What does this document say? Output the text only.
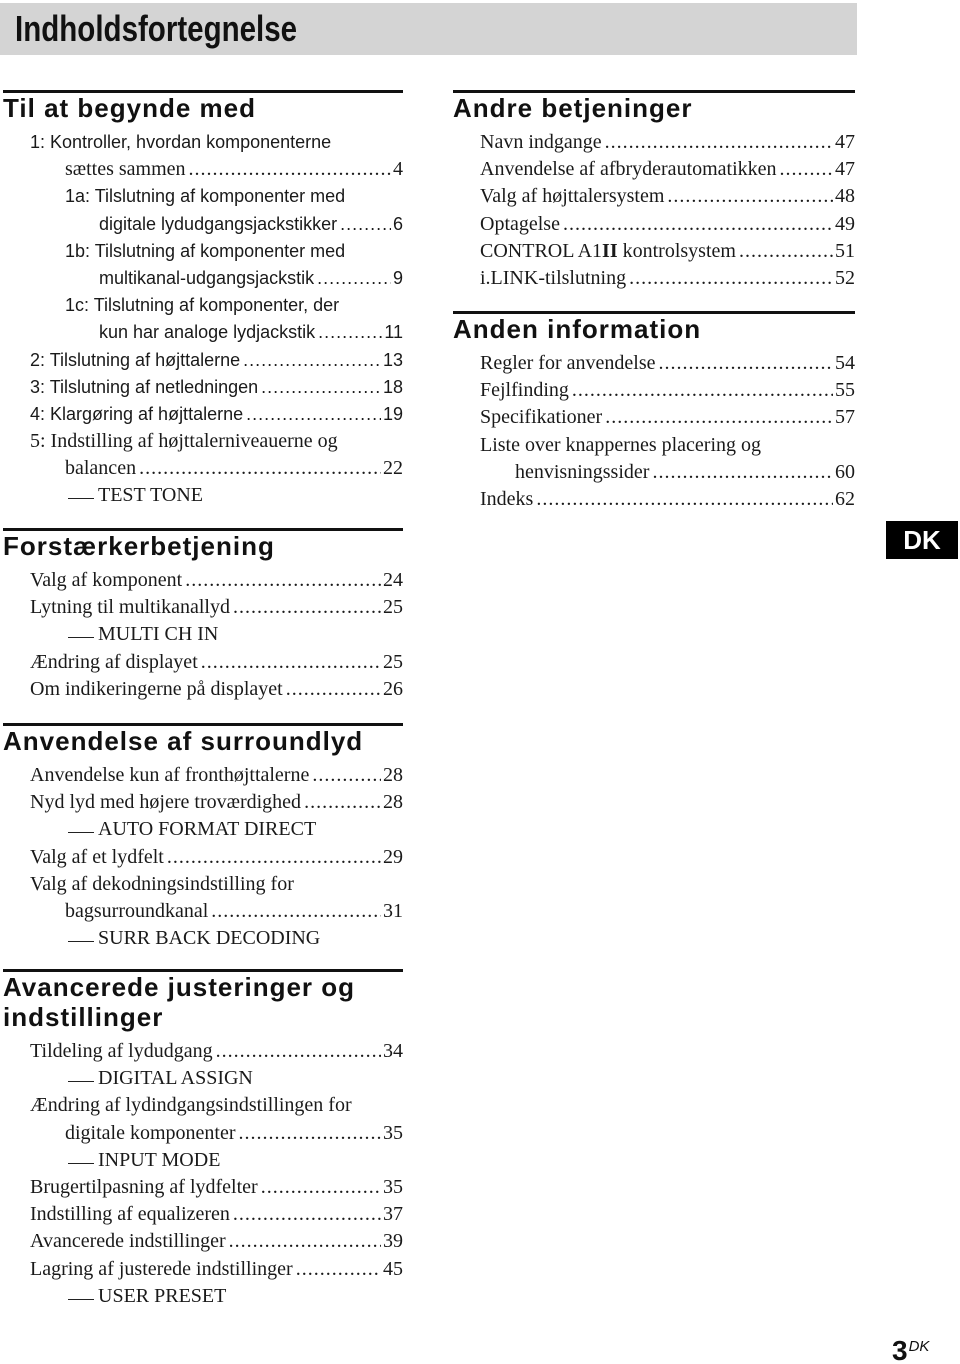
Indholdsfortegnelse
Til at begynde med
1: Kontroller, hvordan komponenterne
sættes sammen .....	4
1a: Tilslutning af komponenter med
digitale lydudgangsjackstikker .....	6
1b: Tilslutning af komponenter med
multikanal-udgangsjackstik .....	9
1c: Tilslutning af komponenter, der
kun har analoge lydjackstik .....	11
2: Tilslutning af højttalerne .....	13
3: Tilslutning af netledningen .....	18
4: Klargøring af højttalerne .....	19
5: Indstilling af højttalerniveauerne og
balancen .....	22
TEST TONE
Forstærkerbetjening
Valg af komponent .....	24
Lytning til multikanallyd .....	25
MULTI CH IN
Ændring af displayet .....	25
Om indikeringerne på displayet .....	26
Anvendelse af surroundlyd
Anvendelse kun af fronthøjttalerne .....	28
Nyd lyd med højere troværdighed .....	28
AUTO FORMAT DIRECT
Valg af et lydfelt .....	29
Valg af dekodningsindstilling for
bagsurroundkanal .....	31
SURR BACK DECODING
Avancerede justeringer og
indstillinger
Tildeling af lydudgang .....	34
DIGITAL ASSIGN
Ændring af lydindgangsindstillingen for
digitale komponenter .....	35
INPUT MODE
Brugertilpasning af lydfelter .....	35
Indstilling af equalizeren .....	37
Avancerede indstillinger .....	39
Lagring af justerede indstillinger .....	45
USER PRESET
Andre betjeninger
Navn indgange .....	47
Anvendelse af afbryderautomatikken .....	47
Valg af højttalersystem .....	48
Optagelse .....	49
CONTROL A1II kontrolsystem .....	51
i.LINK-tilslutning .....	52
Anden information
Regler for anvendelse .....	54
Fejlfinding .....	55
Specifikationer .....	57
Liste over knappernes placering og
henvisningssider .....	60
Indeks .....	62
DK
$3^{DK}$
